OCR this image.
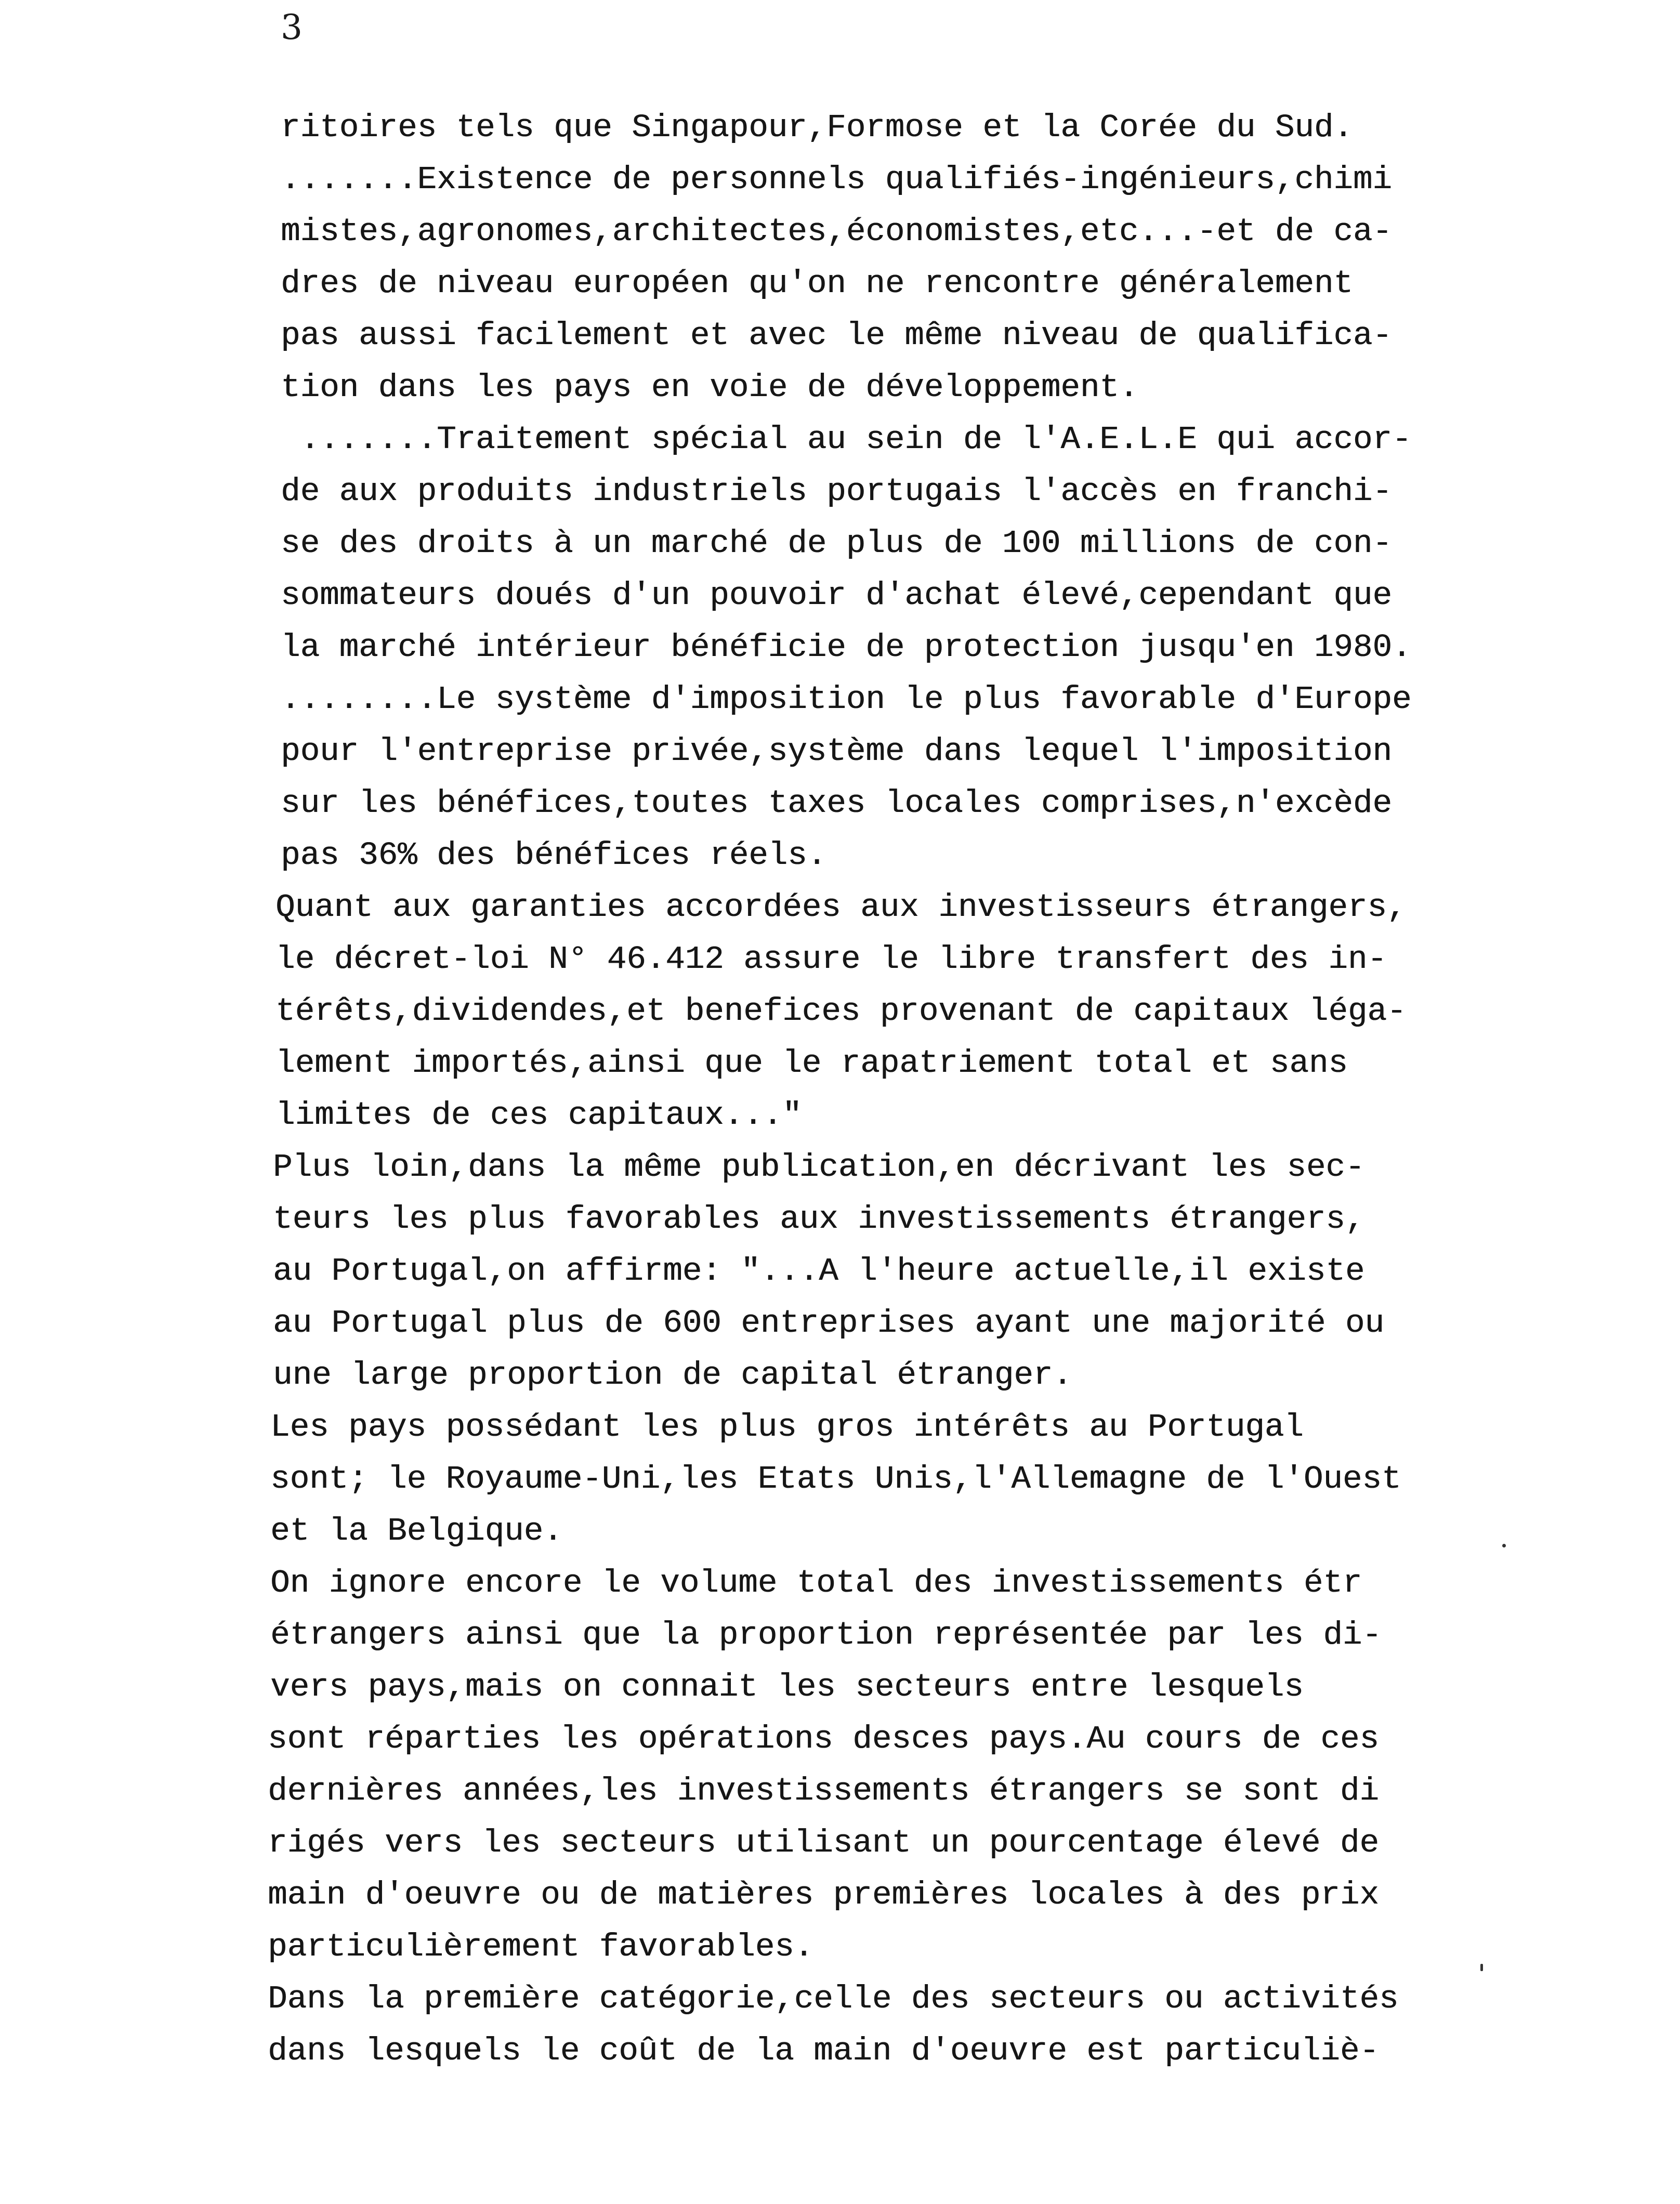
3
ritoires tels que Singapour,Formose et la Corée du Sud.
.......Existence de personnels qualifiés-ingénieurs,chimi
mistes,agronomes,architectes,économistes,etc...-et de ca-
dres de niveau européen qu'on ne rencontre généralement
pas aussi facilement et avec le même niveau de qualifica-
tion dans les pays en voie de développement.
.......Traitement spécial au sein de l'A.E.L.E qui accor-
de aux produits industriels portugais l'accès en franchi-
se des droits à un marché de plus de 100 millions de con-
sommateurs doués d'un pouvoir d'achat élevé,cependant que
la marché intérieur bénéficie de protection jusqu'en 1980.
........Le système d'imposition le plus favorable d'Europe
pour l'entreprise privée,système dans lequel l'imposition
sur les bénéfices,toutes taxes locales comprises,n'excède
pas 36% des bénéfices réels.
Quant aux garanties accordées aux investisseurs étrangers,
le décret-loi N° 46.412 assure le libre transfert des in-
térêts,dividendes,et benefices provenant de capitaux léga-
lement importés,ainsi que le rapatriement total et sans
limites de ces capitaux..."
Plus loin,dans la même publication,en décrivant les sec-
teurs les plus favorables aux investissements étrangers,
au Portugal,on affirme: "...A l'heure actuelle,il existe
au Portugal plus de 600 entreprises ayant une majorité ou
une large proportion de capital étranger.
Les pays possédant les plus gros intérêts au Portugal
sont; le Royaume-Uni,les Etats Unis,l'Allemagne de l'Ouest
et la Belgique.
On ignore encore le volume total des investissements étr
étrangers ainsi que la proportion représentée par les di-
vers pays,mais on connait les secteurs entre lesquels
sont réparties les opérations desces pays.Au cours de ces
dernières années,les investissements étrangers se sont di
rigés vers les secteurs utilisant un pourcentage élevé de
main d'oeuvre ou de matières premières locales à des prix
particulièrement favorables.
Dans la première catégorie,celle des secteurs ou activités
dans lesquels le coût de la main d'oeuvre est particuliè-
